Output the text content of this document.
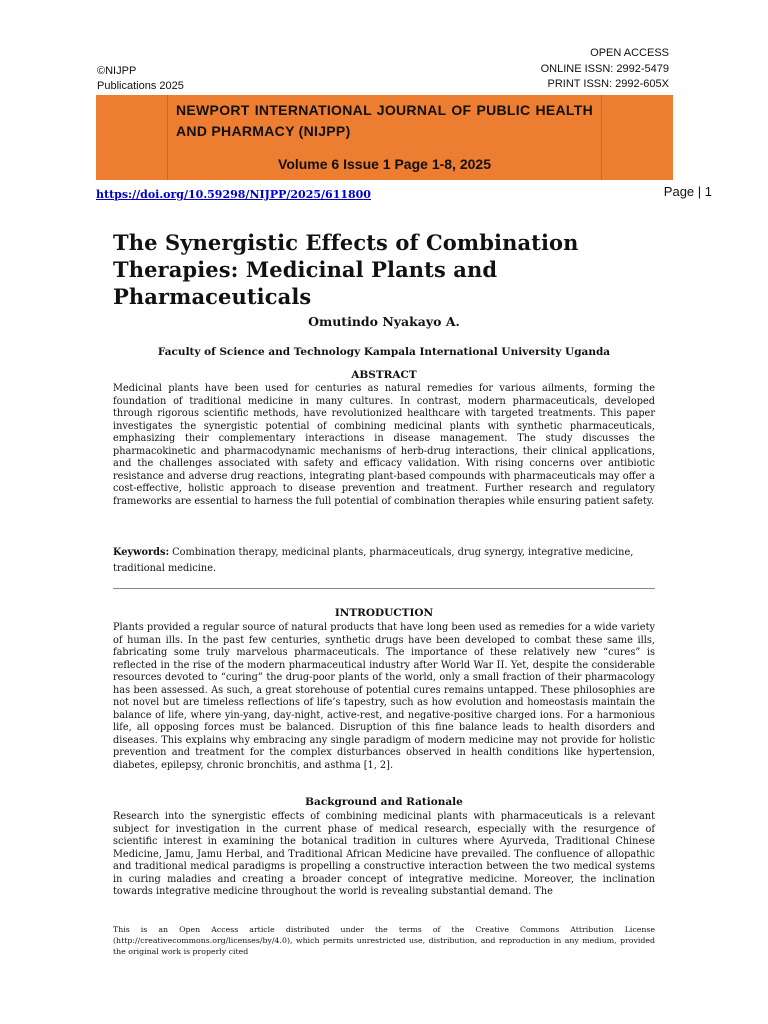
©NIJPP
Publications 2025
OPEN ACCESS
ONLINE ISSN: 2992-5479
PRINT ISSN: 2992-605X
NEWPORT INTERNATIONAL JOURNAL OF PUBLIC HEALTH AND PHARMACY (NIJPP)
Volume 6 Issue 1 Page 1-8, 2025
https://doi.org/10.59298/NIJPP/2025/611800	Page | 1
The Synergistic Effects of Combination Therapies: Medicinal Plants and Pharmaceuticals
Omutindo Nyakayo A.
Faculty of Science and Technology Kampala International University Uganda
ABSTRACT
Medicinal plants have been used for centuries as natural remedies for various ailments, forming the foundation of traditional medicine in many cultures. In contrast, modern pharmaceuticals, developed through rigorous scientific methods, have revolutionized healthcare with targeted treatments. This paper investigates the synergistic potential of combining medicinal plants with synthetic pharmaceuticals, emphasizing their complementary interactions in disease management. The study discusses the pharmacokinetic and pharmacodynamic mechanisms of herb-drug interactions, their clinical applications, and the challenges associated with safety and efficacy validation. With rising concerns over antibiotic resistance and adverse drug reactions, integrating plant-based compounds with pharmaceuticals may offer a cost-effective, holistic approach to disease prevention and treatment. Further research and regulatory frameworks are essential to harness the full potential of combination therapies while ensuring patient safety.
Keywords: Combination therapy, medicinal plants, pharmaceuticals, drug synergy, integrative medicine, traditional medicine.
INTRODUCTION
Plants provided a regular source of natural products that have long been used as remedies for a wide variety of human ills. In the past few centuries, synthetic drugs have been developed to combat these same ills, fabricating some truly marvelous pharmaceuticals. The importance of these relatively new “cures” is reflected in the rise of the modern pharmaceutical industry after World War II. Yet, despite the considerable resources devoted to “curing” the drug-poor plants of the world, only a small fraction of their pharmacology has been assessed. As such, a great storehouse of potential cures remains untapped. These philosophies are not novel but are timeless reflections of life’s tapestry, such as how evolution and homeostasis maintain the balance of life, where yin-yang, day-night, active-rest, and negative-positive charged ions. For a harmonious life, all opposing forces must be balanced. Disruption of this fine balance leads to health disorders and diseases. This explains why embracing any single paradigm of modern medicine may not provide for holistic prevention and treatment for the complex disturbances observed in health conditions like hypertension, diabetes, epilepsy, chronic bronchitis, and asthma [1, 2].
Background and Rationale
Research into the synergistic effects of combining medicinal plants with pharmaceuticals is a relevant subject for investigation in the current phase of medical research, especially with the resurgence of scientific interest in examining the botanical tradition in cultures where Ayurveda, Traditional Chinese Medicine, Jamu, Jamu Herbal, and Traditional African Medicine have prevailed. The confluence of allopathic and traditional medical paradigms is propelling a constructive interaction between the two medical systems in curing maladies and creating a broader concept of integrative medicine. Moreover, the inclination towards integrative medicine throughout the world is revealing substantial demand. The
This is an Open Access article distributed under the terms of the Creative Commons Attribution License (http://creativecommons.org/licenses/by/4.0), which permits unrestricted use, distribution, and reproduction in any medium, provided the original work is properly cited
